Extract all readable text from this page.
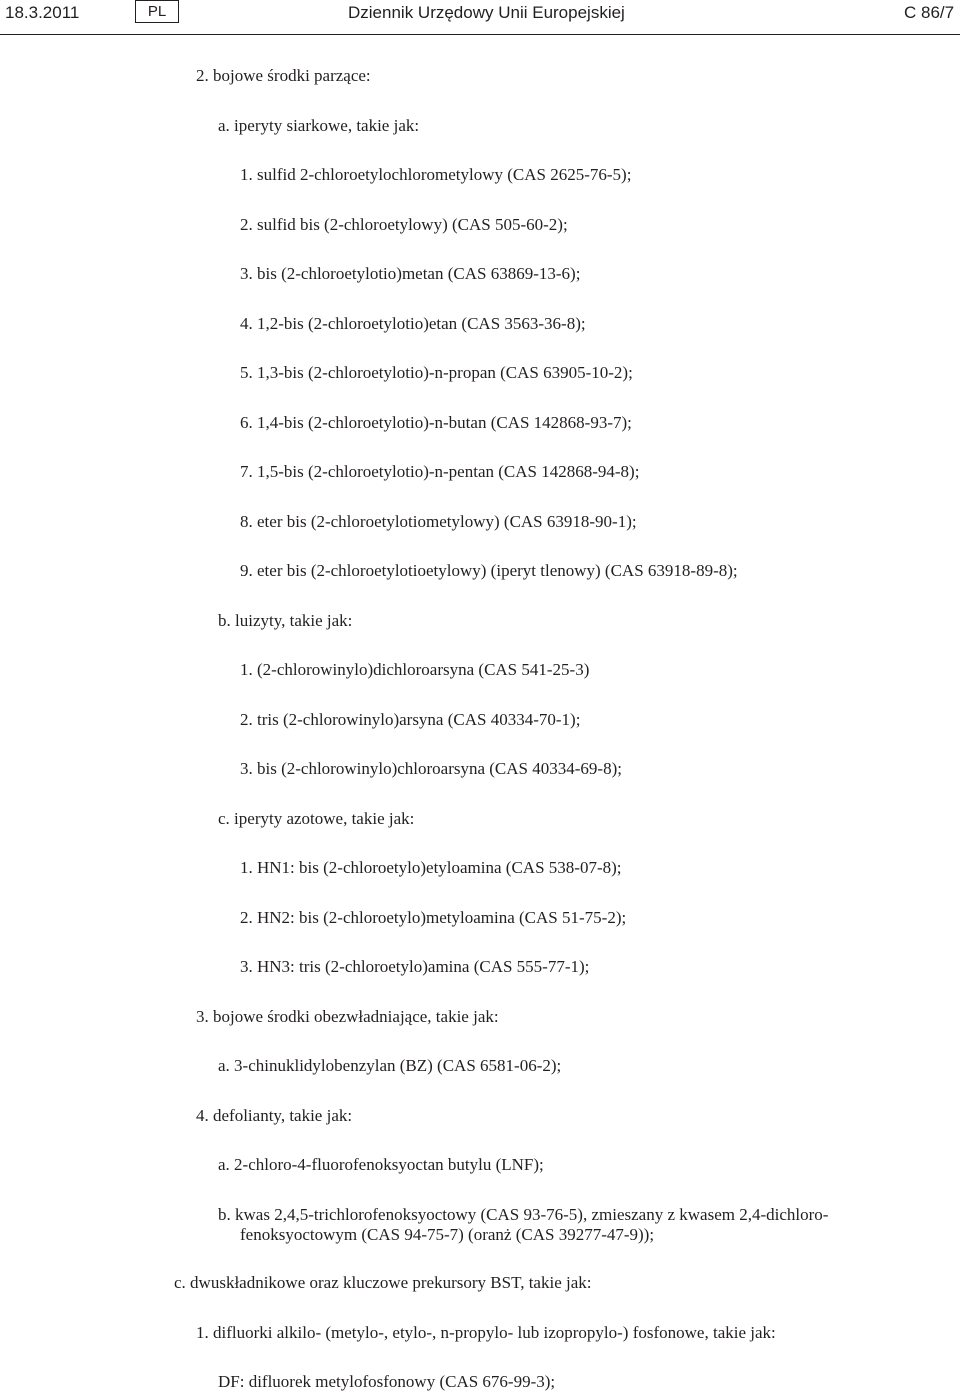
18.3.2011	PL	Dziennik Urzędowy Unii Europejskiej	C 86/7
2. bojowe środki parzące:
a. iperyty siarkowe, takie jak:
1. sulfid 2-chloroetylochlorometylowy (CAS 2625-76-5);
2. sulfid bis (2-chloroetylowy) (CAS 505-60-2);
3. bis (2-chloroetylotio)metan (CAS 63869-13-6);
4. 1,2-bis (2-chloroetylotio)etan (CAS 3563-36-8);
5. 1,3-bis (2-chloroetylotio)-n-propan (CAS 63905-10-2);
6. 1,4-bis (2-chloroetylotio)-n-butan (CAS 142868-93-7);
7. 1,5-bis (2-chloroetylotio)-n-pentan (CAS 142868-94-8);
8. eter bis (2-chloroetylotiometylowy) (CAS 63918-90-1);
9. eter bis (2-chloroetylotioetylowy) (iperyt tlenowy) (CAS 63918-89-8);
b. luizyty, takie jak:
1. (2-chlorowinylo)dichloroarsyna (CAS 541-25-3)
2. tris (2-chlorowinylo)arsyna (CAS 40334-70-1);
3. bis (2-chlorowinylo)chloroarsyna (CAS 40334-69-8);
c. iperyty azotowe, takie jak:
1. HN1: bis (2-chloroetylo)etyloamina (CAS 538-07-8);
2. HN2: bis (2-chloroetylo)metyloamina (CAS 51-75-2);
3. HN3: tris (2-chloroetylo)amina (CAS 555-77-1);
3. bojowe środki obezwładniające, takie jak:
a. 3-chinuklidylobenzylan (BZ) (CAS 6581-06-2);
4. defolianty, takie jak:
a. 2-chloro-4-fluorofenoksyoctan butylu (LNF);
b. kwas 2,4,5-trichlorofenoksyoctowy (CAS 93-76-5), zmieszany z kwasem 2,4-dichloro-
fenoksyoctowym (CAS 94-75-7) (oranż (CAS 39277-47-9));
c. dwuskładnikowe oraz kluczowe prekursory BST, takie jak:
1. difluorki alkilo- (metylo-, etylo-, n-propylo- lub izopropylo-) fosfonowe, takie jak:
DF: difluorek metylofosfonowy (CAS 676-99-3);
